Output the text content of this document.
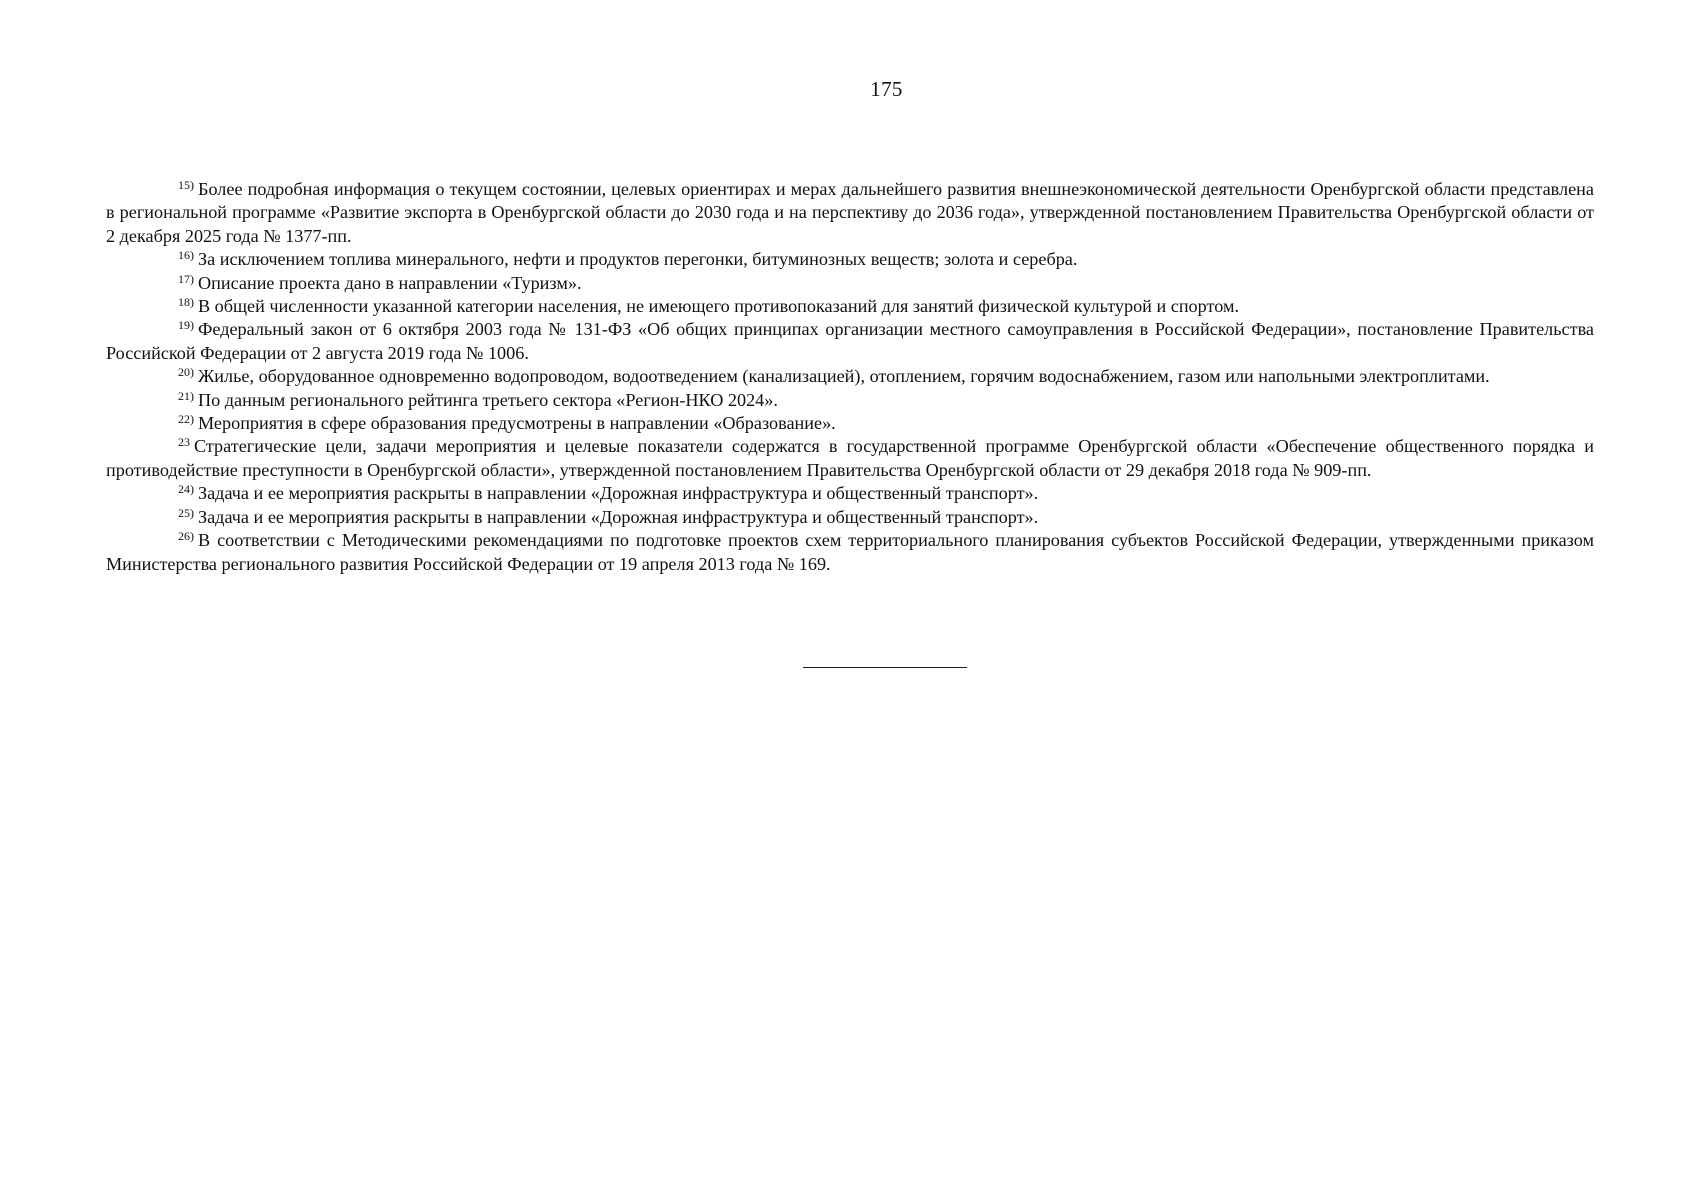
175

$^{15)}$ Более подробная информация о текущем состоянии, целевых ориентирах и мерах дальнейшего развития внешнеэкономической деятельности Оренбургской области представлена в региональной программе «Развитие экспорта в Оренбургской области до 2030 года и на перспективу до 2036 года», утвержденной постановлением Правительства Оренбургской области от 2 декабря 2025 года № 1377-пп.

$^{16)}$ За исключением топлива минерального, нефти и продуктов перегонки, битуминозных веществ; золота и серебра.

$^{17)}$ Описание проекта дано в направлении «Туризм».

$^{18)}$ В общей численности указанной категории населения, не имеющего противопоказаний для занятий физической культурой и спортом.

$^{19)}$ Федеральный закон от 6 октября 2003 года № 131-ФЗ «Об общих принципах организации местного самоуправления в Российской Федерации», постановление Правительства Российской Федерации от 2 августа 2019 года № 1006.

$^{20)}$ Жилье, оборудованное одновременно водопроводом, водоотведением (канализацией), отоплением, горячим водоснабжением, газом или напольными электроплитами.

$^{21)}$ По данным регионального рейтинга третьего сектора «Регион-НКО 2024».

$^{22)}$ Мероприятия в сфере образования предусмотрены в направлении «Образование».

$^{23}$ Стратегические цели, задачи мероприятия и целевые показатели содержатся в государственной программе Оренбургской области «Обеспечение общественного порядка и противодействие преступности в Оренбургской области», утвержденной постановлением Правительства Оренбургской области от 29 декабря 2018 года № 909-пп.

$^{24)}$ Задача и ее мероприятия раскрыты в направлении «Дорожная инфраструктура и общественный транспорт».

$^{25)}$ Задача и ее мероприятия раскрыты в направлении «Дорожная инфраструктура и общественный транспорт».

$^{26)}$ В соответствии с Методическими рекомендациями по подготовке проектов схем территориального планирования субъектов Российской Федерации, утвержденными приказом Министерства регионального развития Российской Федерации от 19 апреля 2013 года № 169.
